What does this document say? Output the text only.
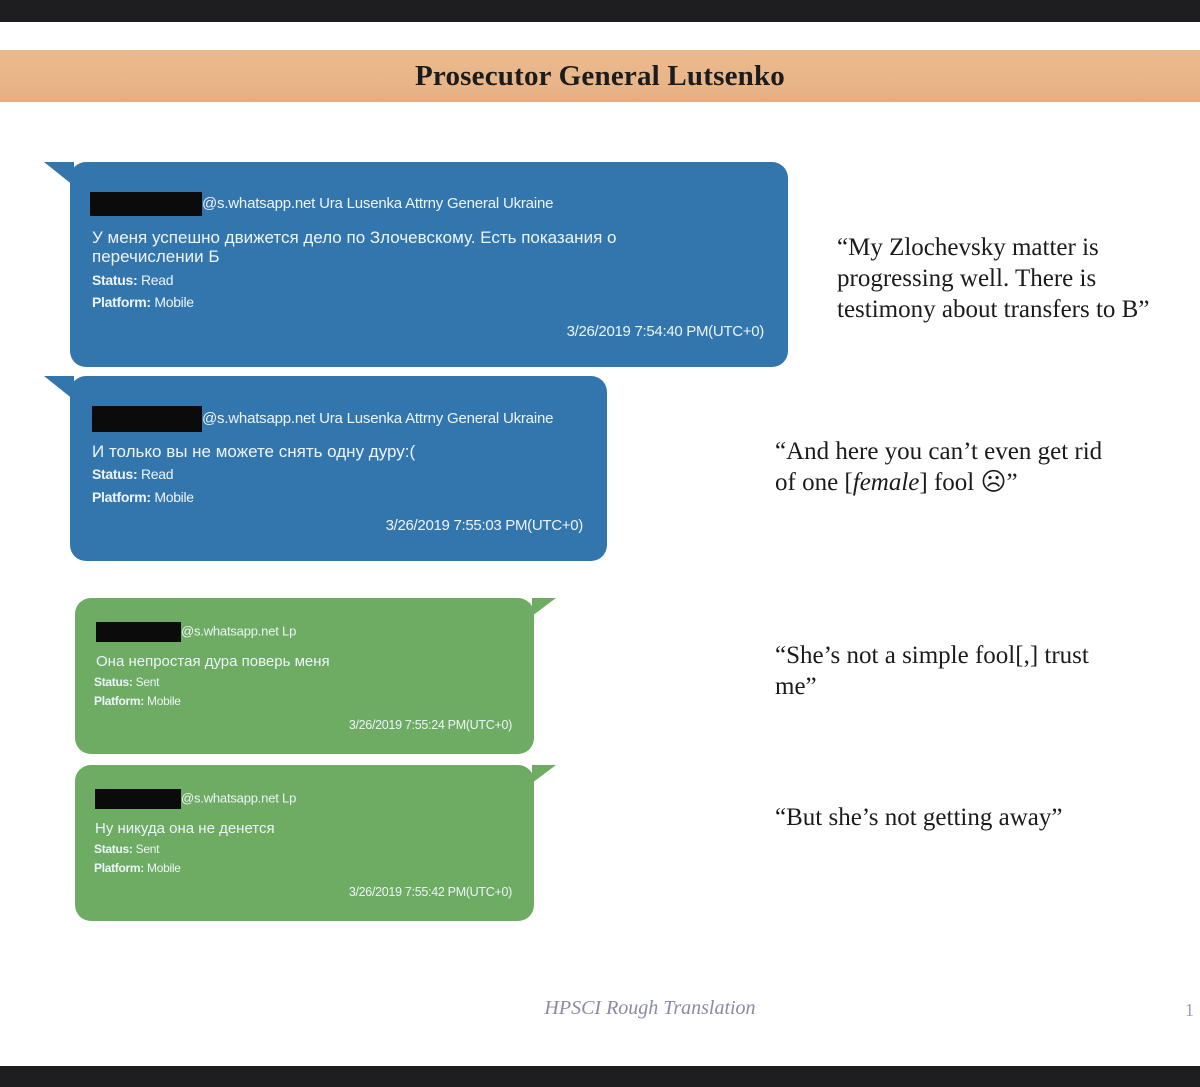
Prosecutor General Lutsenko
@s.whatsapp.net Ura Lusenka Attrny General Ukraine
У меня успешно движется дело по Злочевскому. Есть показания о перечислении Б
Status: Read
Platform: Mobile
3/26/2019 7:54:40 PM(UTC+0)
@s.whatsapp.net Ura Lusenka Attrny General Ukraine
И только вы не можете снять одну дуру:(
Status: Read
Platform: Mobile
3/26/2019 7:55:03 PM(UTC+0)
@s.whatsapp.net Lp
Она непростая дура поверь меня
Status: Sent
Platform: Mobile
3/26/2019 7:55:24 PM(UTC+0)
@s.whatsapp.net Lp
Ну никуда она не денется
Status: Sent
Platform: Mobile
3/26/2019 7:55:42 PM(UTC+0)
“My Zlochevsky matter is progressing well. There is testimony about transfers to B”
“And here you can’t even get rid
of one [female] fool ☹”
“She’s not a simple fool[,] trust me”
“But she’s not getting away”
HPSCI Rough Translation	1
